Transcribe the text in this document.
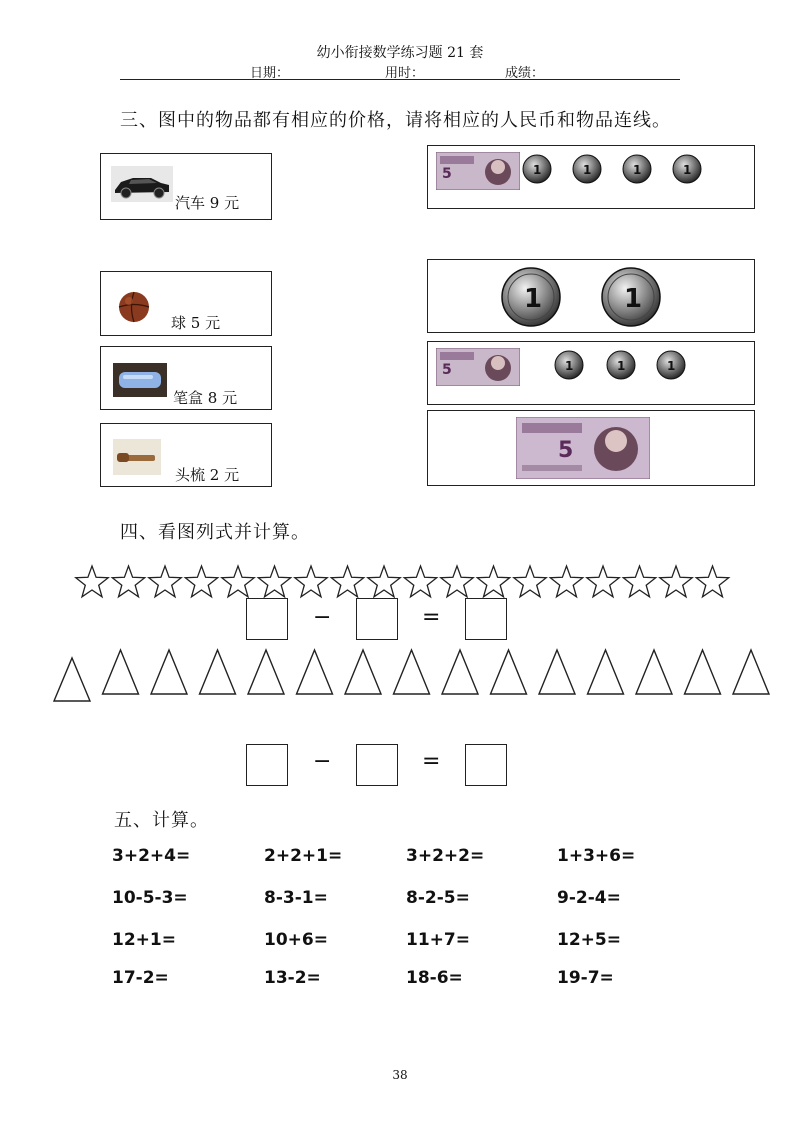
幼小衔接数学练习题 21 套
日期：	用时：	成绩：
三、图中的物品都有相应的价格，请将相应的人民币和物品连线。
汽车 9 元
球 5 元
笔盒 8 元
头梳 2 元
5	1	1	1	1
1	1
5	1	1	1
5
四、看图列式并计算。
−	=
−	=
五、计算。
3+2+4=	2+2+1=	3+2+2=	1+3+6=
10-5-3=	8-3-1=	8-2-5=	9-2-4=
12+1=	10+6=	11+7=	12+5=
17-2=	13-2=	18-6=	19-7=
38
